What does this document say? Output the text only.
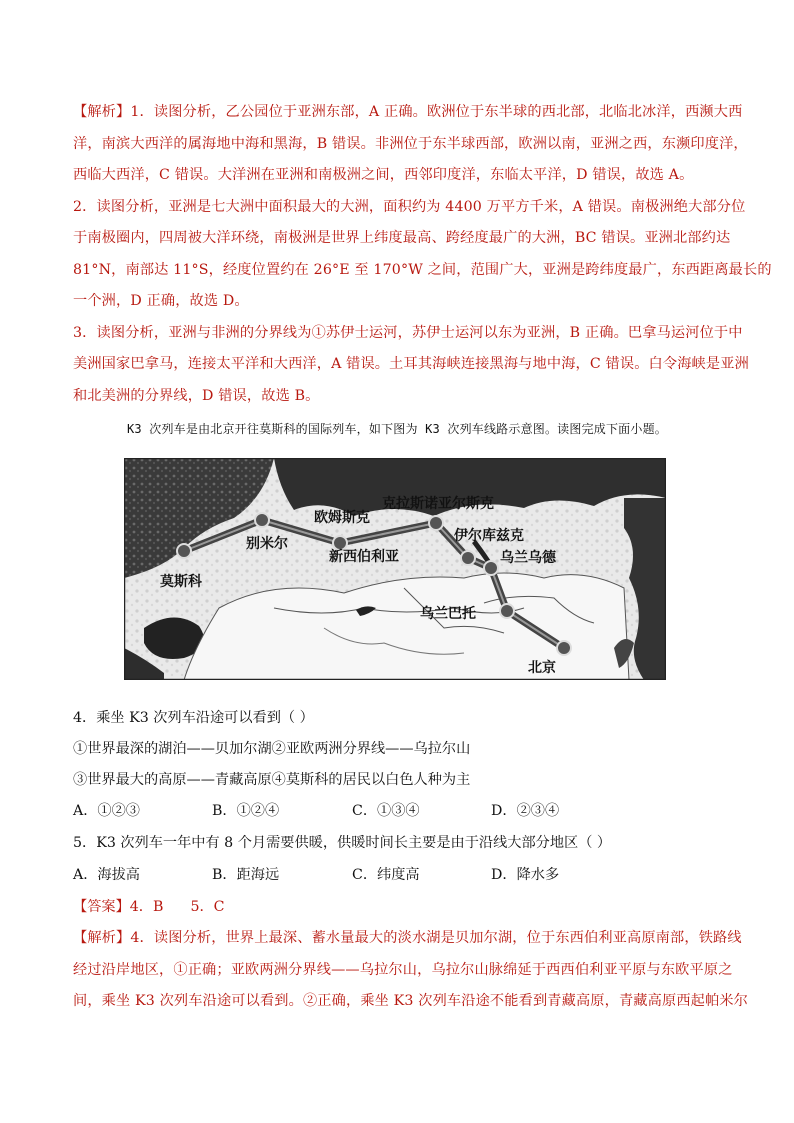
【解析】1．读图分析，乙公园位于亚洲东部，A 正确。欧洲位于东半球的西北部，北临北冰洋，西濒大西
洋，南滨大西洋的属海地中海和黑海，B 错误。非洲位于东半球西部，欧洲以南，亚洲之西，东濒印度洋，
西临大西洋，C 错误。大洋洲在亚洲和南极洲之间，西邻印度洋，东临太平洋，D 错误，故选 A。
2．读图分析，亚洲是七大洲中面积最大的大洲，面积约为 4400 万平方千米，A 错误。南极洲绝大部分位
于南极圈内，四周被大洋环绕，南极洲是世界上纬度最高、跨经度最广的大洲，BC 错误。亚洲北部约达
81°N，南部达 11°S，经度位置约在 26°E 至 170°W 之间，范围广大，亚洲是跨纬度最广，东西距离最长的
一个洲，D 正确，故选 D。
3．读图分析，亚洲与非洲的分界线为①苏伊士运河，苏伊士运河以东为亚洲，B 正确。巴拿马运河位于中
美洲国家巴拿马，连接太平洋和大西洋，A 错误。土耳其海峡连接黑海与地中海，C 错误。白令海峡是亚洲
和北美洲的分界线，D 错误，故选 B。
K3 次列车是由北京开往莫斯科的国际列车，如下图为 K3 次列车线路示意图。读图完成下面小题。
莫斯科
别米尔
欧姆斯克
新西伯利亚
克拉斯诺亚尔斯克
伊尔库兹克
乌兰乌德
乌兰巴托
北京
4．乘坐 K3 次列车沿途可以看到（ ）
①世界最深的湖泊——贝加尔湖②亚欧两洲分界线——乌拉尔山
③世界最大的高原——青藏高原④莫斯科的居民以白色人种为主
A．①②③	B．①②④	C．①③④	D．②③④
5．K3 次列车一年中有 8 个月需要供暖，供暖时间长主要是由于沿线大部分地区（ ）
A．海拔高	B．距海远	C．纬度高	D．降水多
【答案】4．B      5．C
【解析】4．读图分析，世界上最深、蓄水量最大的淡水湖是贝加尔湖，位于东西伯利亚高原南部，铁路线
经过沿岸地区，①正确；亚欧两洲分界线——乌拉尔山，乌拉尔山脉绵延于西西伯利亚平原与东欧平原之
间，乘坐 K3 次列车沿途可以看到。②正确，乘坐 K3 次列车沿途不能看到青藏高原，青藏高原西起帕米尔
